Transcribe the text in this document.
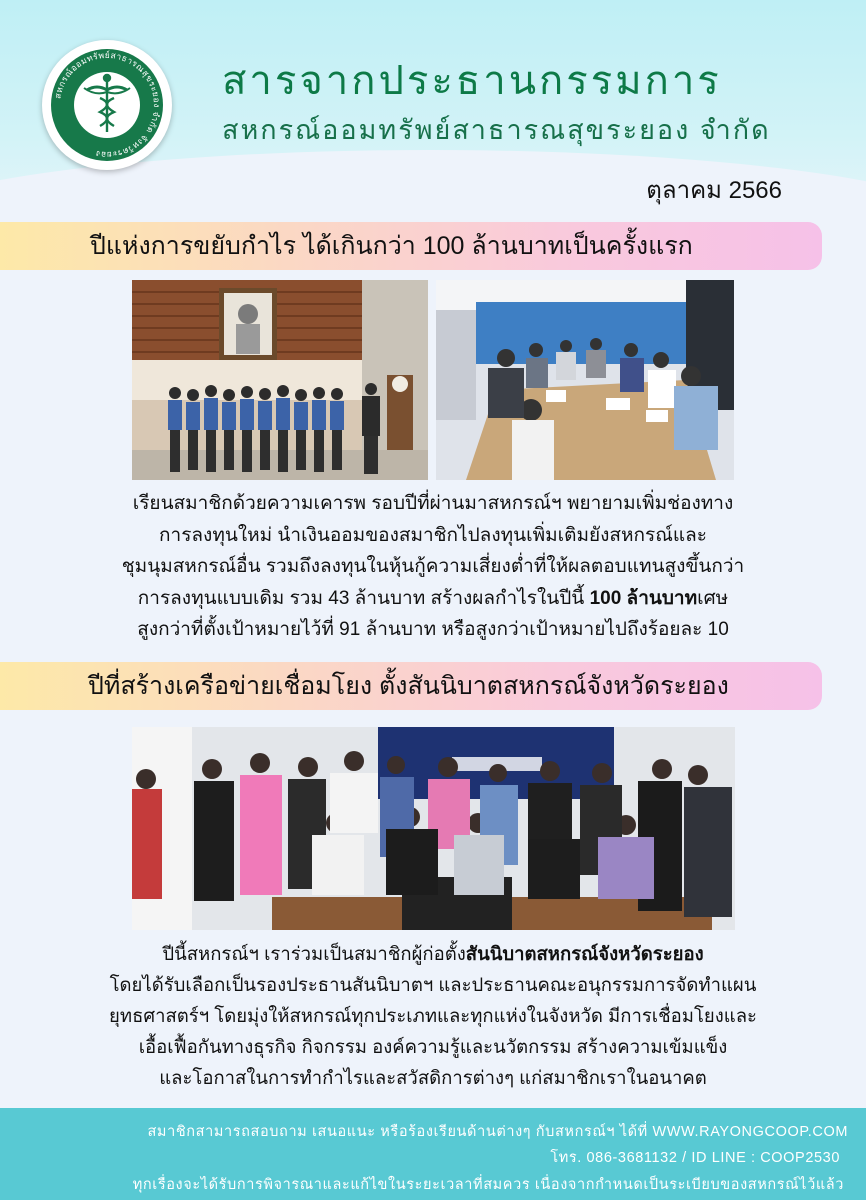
สหกรณ์ออมทรัพย์สาธารณสุขระยอง จำกัด จังหวัดระยอง
สารจากประธานกรรมการ
สหกรณ์ออมทรัพย์สาธารณสุขระยอง จำกัด
ตุลาคม 2566
ปีแห่งการขยับกำไร ได้เกินกว่า 100 ล้านบาทเป็นครั้งแรก
เรียนสมาชิกด้วยความเคารพ รอบปีที่ผ่านมาสหกรณ์ฯ พยายามเพิ่มช่องทาง
การลงทุนใหม่ นำเงินออมของสมาชิกไปลงทุนเพิ่มเติมยังสหกรณ์และ
ชุมนุมสหกรณ์อื่น รวมถึงลงทุนในหุ้นกู้ความเสี่ยงต่ำที่ให้ผลตอบแทนสูงขึ้นกว่า
การลงทุนแบบเดิม รวม 43 ล้านบาท สร้างผลกำไรในปีนี้ 100 ล้านบาทเศษ
สูงกว่าที่ตั้งเป้าหมายไว้ที่ 91 ล้านบาท หรือสูงกว่าเป้าหมายไปถึงร้อยละ 10
ปีที่สร้างเครือข่ายเชื่อมโยง ตั้งสันนิบาตสหกรณ์จังหวัดระยอง
ปีนี้สหกรณ์ฯ เราร่วมเป็นสมาชิกผู้ก่อตั้งสันนิบาตสหกรณ์จังหวัดระยอง
โดยได้รับเลือกเป็นรองประธานสันนิบาตฯ และประธานคณะอนุกรรมการจัดทำแผน
ยุทธศาสตร์ฯ โดยมุ่งให้สหกรณ์ทุกประเภทและทุกแห่งในจังหวัด มีการเชื่อมโยงและ
เอื้อเฟื้อกันทางธุรกิจ กิจกรรม องค์ความรู้และนวัตกรรม สร้างความเข้มแข็ง
และโอกาสในการทำกำไรและสวัสดิการต่างๆ แก่สมาชิกเราในอนาคต
สมาชิกสามารถสอบถาม เสนอแนะ หรือร้องเรียนด้านต่างๆ กับสหกรณ์ฯ ได้ที่ WWW.RAYONGCOOP.COM
โทร. 086-3681132 / ID LINE : COOP2530
ทุกเรื่องจะได้รับการพิจารณาและแก้ไขในระยะเวลาที่สมควร เนื่องจากกำหนดเป็นระเบียบของสหกรณ์ไว้แล้ว
